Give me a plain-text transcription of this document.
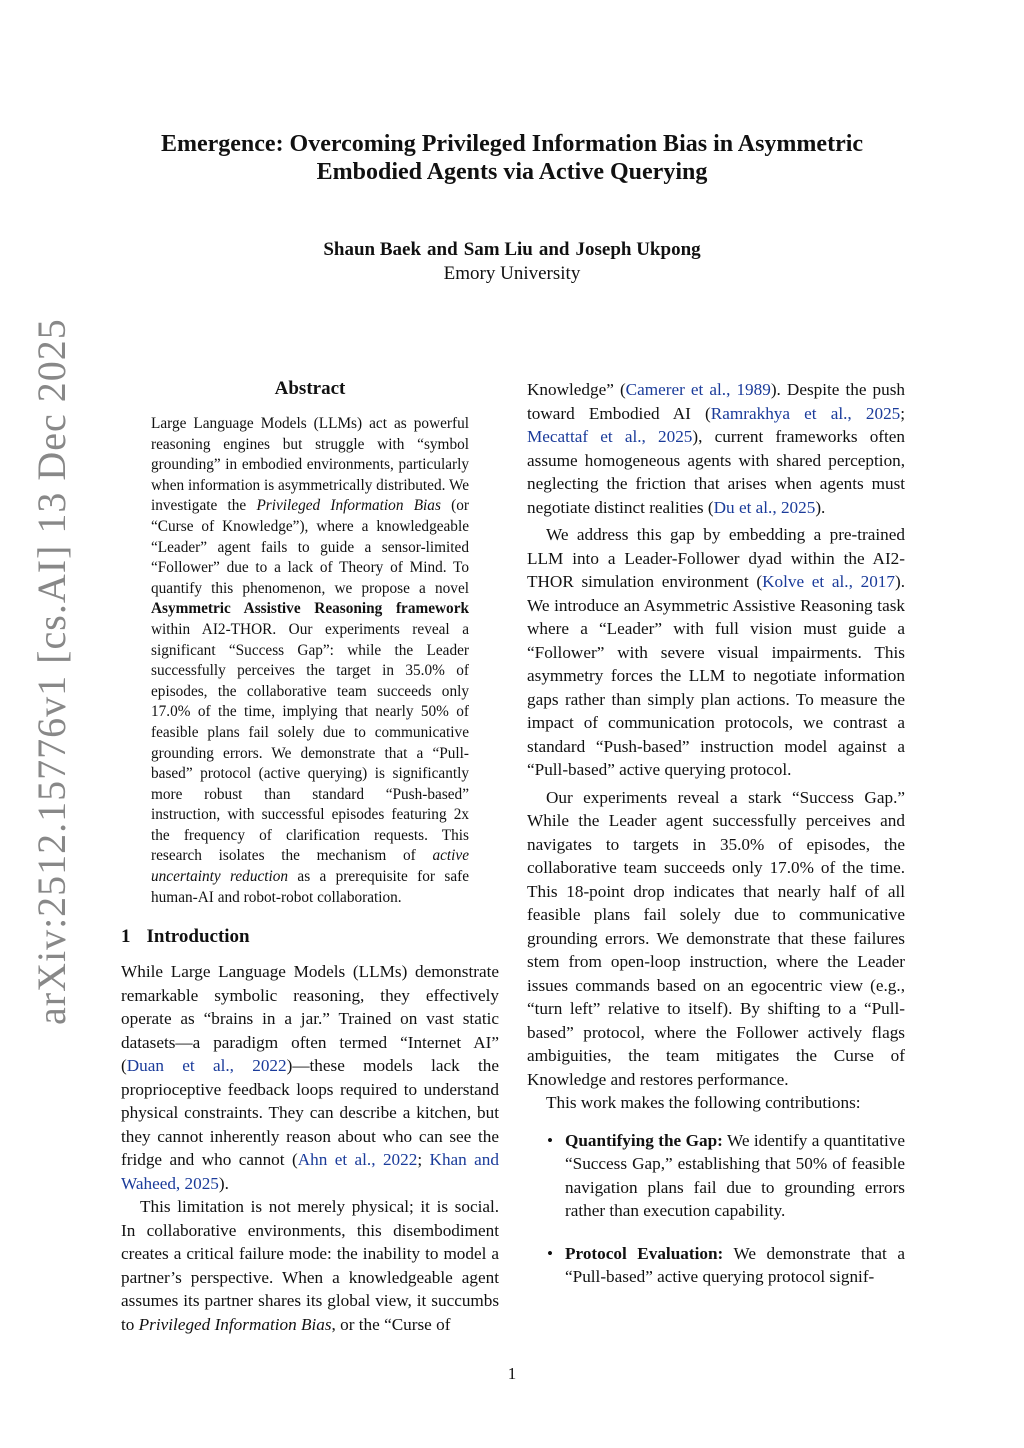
arXiv:2512.15776v1 [cs.AI] 13 Dec 2025
Emergence: Overcoming Privileged Information Bias in Asymmetric
Embodied Agents via Active Querying
Shaun Baek and Sam Liu and Joseph Ukpong
Emory University
Abstract

Large Language Models (LLMs) act as powerful reasoning engines but struggle with “symbol grounding” in embodied environments, particularly when information is asymmetrically distributed. We investigate the Privileged Information Bias (or “Curse of Knowledge”), where a knowledgeable “Leader” agent fails to guide a sensor-limited “Follower” due to a lack of Theory of Mind. To quantify this phenomenon, we propose a novel Asymmetric Assistive Reasoning framework within AI2-THOR. Our experiments reveal a significant “Success Gap”: while the Leader successfully perceives the target in 35.0% of episodes, the collaborative team succeeds only 17.0% of the time, implying that nearly 50% of feasible plans fail solely due to communicative grounding errors. We demonstrate that a “Pull-based” protocol (active querying) is significantly more robust than standard “Push-based” instruction, with successful episodes featuring 2x the frequency of clarification requests. This research isolates the mechanism of active uncertainty reduction as a prerequisite for safe human-AI and robot-robot collaboration.

1 Introduction

While Large Language Models (LLMs) demonstrate remarkable symbolic reasoning, they effectively operate as “brains in a jar.” Trained on vast static datasets—a paradigm often termed “Internet AI” (Duan et al., 2022)—these models lack the proprioceptive feedback loops required to understand physical constraints. They can describe a kitchen, but they cannot inherently reason about who can see the fridge and who cannot (Ahn et al., 2022; Khan and Waheed, 2025).

This limitation is not merely physical; it is social. In collaborative environments, this disembodiment creates a critical failure mode: the inability to model a partner’s perspective. When a knowledgeable agent assumes its partner shares its global view, it succumbs to Privileged Information Bias, or the “Curse of

Knowledge” (Camerer et al., 1989). Despite the push toward Embodied AI (Ramrakhya et al., 2025; Mecattaf et al., 2025), current frameworks often assume homogeneous agents with shared perception, neglecting the friction that arises when agents must negotiate distinct realities (Du et al., 2025).

We address this gap by embedding a pre-trained LLM into a Leader-Follower dyad within the AI2-THOR simulation environment (Kolve et al., 2017). We introduce an Asymmetric Assistive Reasoning task where a “Leader” with full vision must guide a “Follower” with severe visual impairments. This asymmetry forces the LLM to negotiate information gaps rather than simply plan actions. To measure the impact of communication protocols, we contrast a standard “Push-based” instruction model against a “Pull-based” active querying protocol.

Our experiments reveal a stark “Success Gap.” While the Leader agent successfully perceives and navigates to targets in 35.0% of episodes, the collaborative team succeeds only 17.0% of the time. This 18-point drop indicates that nearly half of all feasible plans fail solely due to communicative grounding errors. We demonstrate that these failures stem from open-loop instruction, where the Leader issues commands based on an egocentric view (e.g., “turn left” relative to itself). By shifting to a “Pull-based” protocol, where the Follower actively flags ambiguities, the team mitigates the Curse of Knowledge and restores performance.

This work makes the following contributions:

• Quantifying the Gap: We identify a quantitative “Success Gap,” establishing that 50% of feasible navigation plans fail due to grounding errors rather than execution capability.
• Protocol Evaluation: We demonstrate that a “Pull-based” active querying protocol signif-
1
